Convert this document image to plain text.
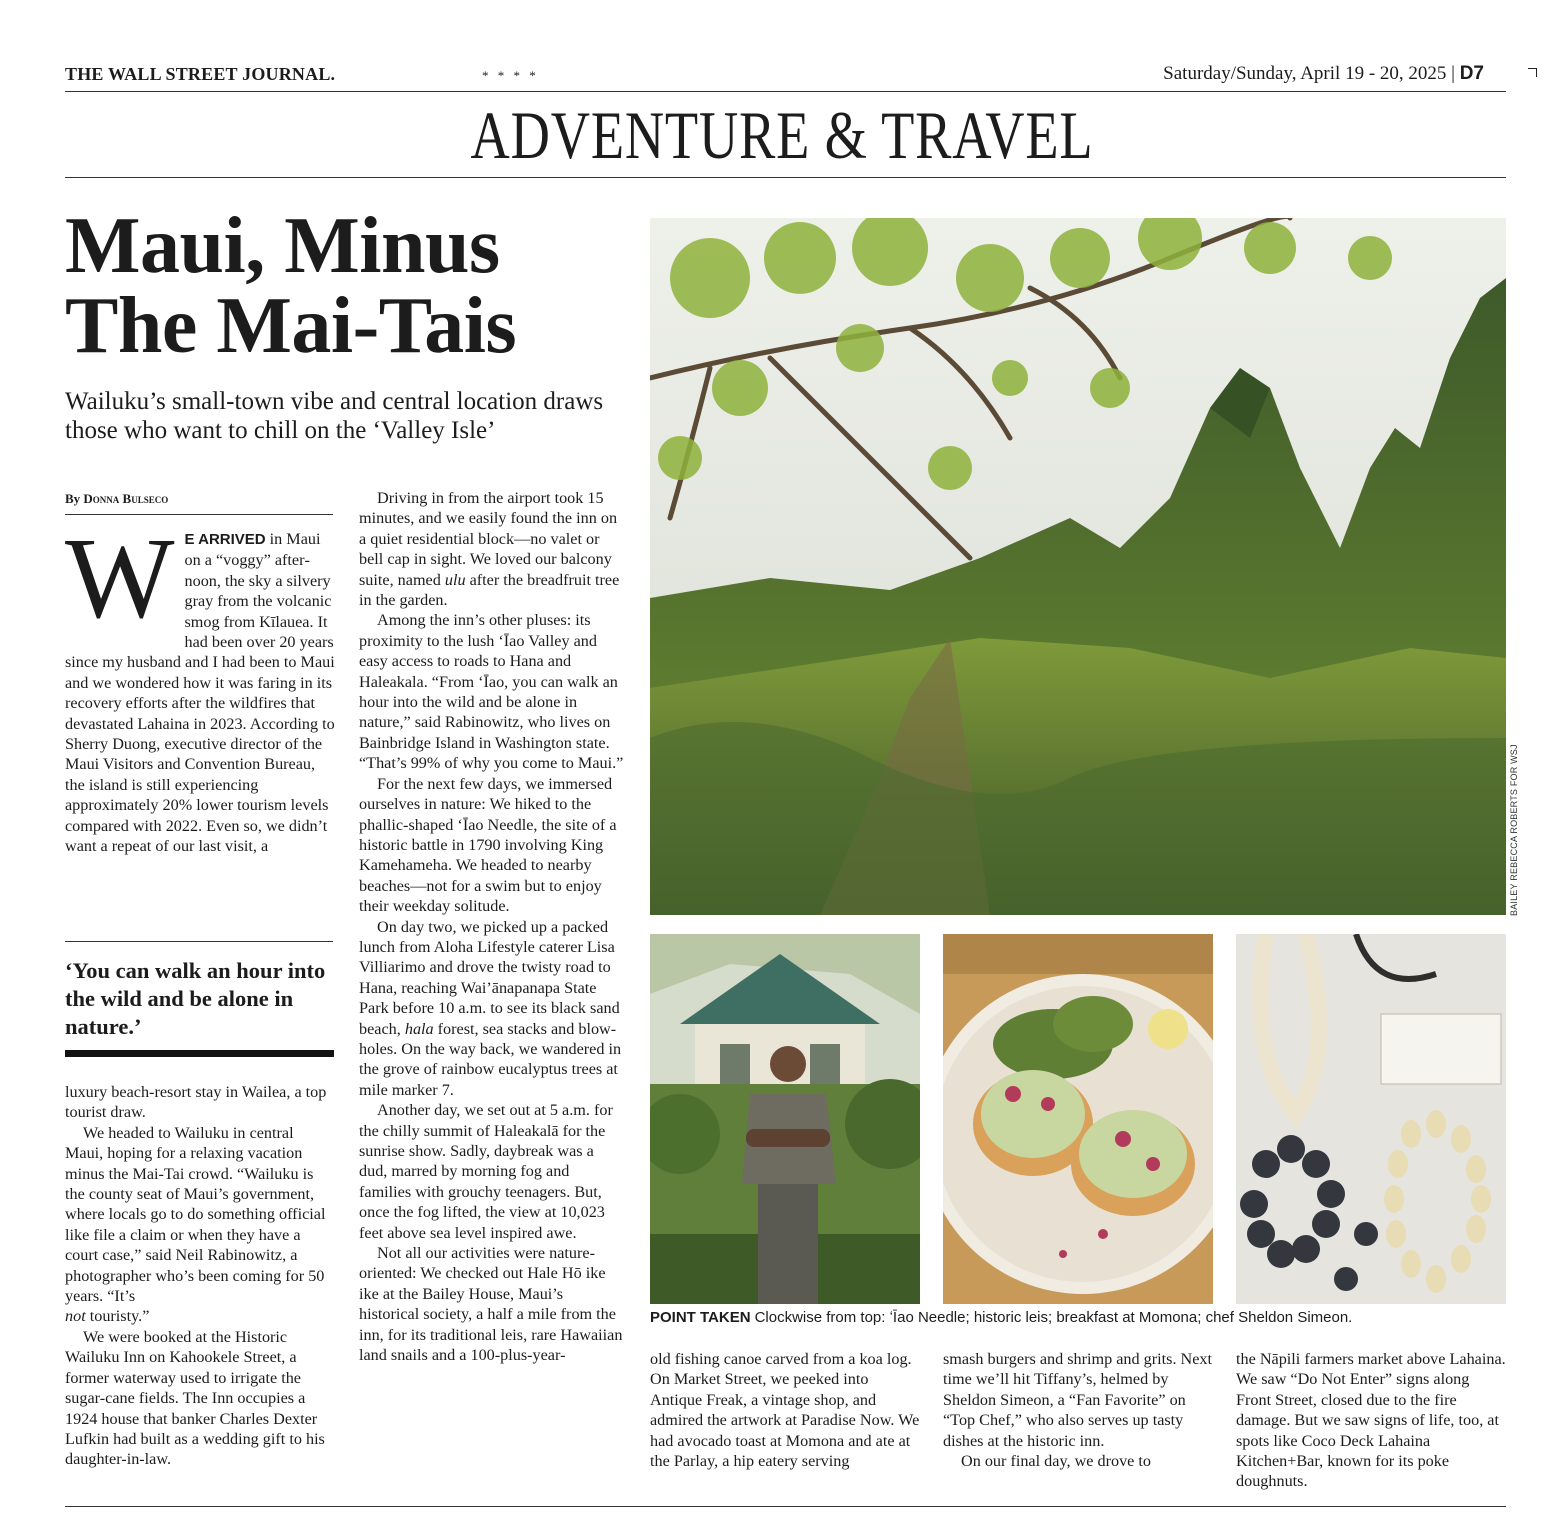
THE WALL STREET JOURNAL.	* * * *	Saturday/Sunday, April 19 - 20, 2025 | D7
ADVENTURE & TRAVEL
Maui, Minus
The Mai-Tais
Wailuku’s small-town vibe and central location draws those who want to chill on the ‘Valley Isle’
By Donna Bulseco

W E ARRIVED in Maui on a “voggy” afternoon, the sky a silvery gray from the volcanic smog from Kīlauea. It had been over 20 years since my husband and I had been to Maui and we wondered how it was faring in its recovery efforts after the wildfires that devastated Lahaina in 2023. According to Sherry Duong, executive director of the Maui Visitors and Convention Bureau, the island is still experiencing approximately 20% lower tourism levels compared with 2022. Even so, we didn’t want a repeat of our last visit, a

‘You can walk an hour into the wild and be alone in nature.’

luxury beach-resort stay in Wailea, a top tourist draw.

We headed to Wailuku in central Maui, hoping for a relaxing vacation minus the Mai-Tai crowd. “Wailuku is the county seat of Maui’s government, where locals go to do something official like file a claim or when they have a court case,” said Neil Rabinowitz, a photographer who’s been coming for 50 years. “It’s
not touristy.”

We were booked at the Historic Wailuku Inn on Kahookele Street, a former waterway used to irrigate the sugar-cane fields. The Inn occupies a 1924 house that banker Charles Dexter Lufkin had built as a wedding gift to his daughter-in-law.

Driving in from the airport took 15 minutes, and we easily found the inn on a quiet residential block—no valet or bell cap in sight. We loved our balcony suite, named ulu after the breadfruit tree in the garden.

Among the inn’s other pluses: its proximity to the lush ʻĪao Valley and easy access to roads to Hana and Haleakala. “From ʻĪao, you can walk an hour into the wild and be alone in nature,” said Rabinowitz, who lives on Bainbridge Island in Washington state. “That’s 99% of why you come to Maui.”

For the next few days, we immersed ourselves in nature: We hiked to the phallic-shaped ʻĪao Needle, the site of a historic battle in 1790 involving King Kamehameha. We headed to nearby beaches—not for a swim but to enjoy their weekday solitude.

On day two, we picked up a packed lunch from Aloha Lifestyle caterer Lisa Villiarimo and drove the twisty road to Hana, reaching Wai’ānapanapa State Park before 10 a.m. to see its black sand beach, hala forest, sea stacks and blowholes. On the way back, we wandered in the grove of rainbow eucalyptus trees at mile marker 7.

Another day, we set out at 5 a.m. for the chilly summit of Haleakalā for the sunrise show. Sadly, daybreak was a dud, marred by morning fog and families with grouchy teenagers. But, once the fog lifted, the view at 10,023 feet above sea level inspired awe.

Not all our activities were nature-oriented: We checked out Hale Hō ike ike at the Bailey House, Maui’s historical society, a half a mile from the inn, for its traditional leis, rare Hawaiian land snails and a 100-plus-year-

BAILEY REBECCA ROBERTS FOR WSJ
POINT TAKEN Clockwise from top: ʻĪao Needle; historic leis; breakfast at Momona; chef Sheldon Simeon.

old fishing canoe carved from a koa log. On Market Street, we peeked into Antique Freak, a vintage shop, and admired the artwork at Paradise Now. We had avocado toast at Momona and ate at the Parlay, a hip eatery serving

smash burgers and shrimp and grits. Next time we’ll hit Tiffany’s, helmed by Sheldon Simeon, a “Fan Favorite” on “Top Chef,” who also serves up tasty dishes at the historic inn.

On our final day, we drove to

the Nāpili farmers market above Lahaina. We saw “Do Not Enter” signs along Front Street, closed due to the fire damage. But we saw signs of life, too, at spots like Coco Deck Lahaina Kitchen+Bar, known for its poke doughnuts.
